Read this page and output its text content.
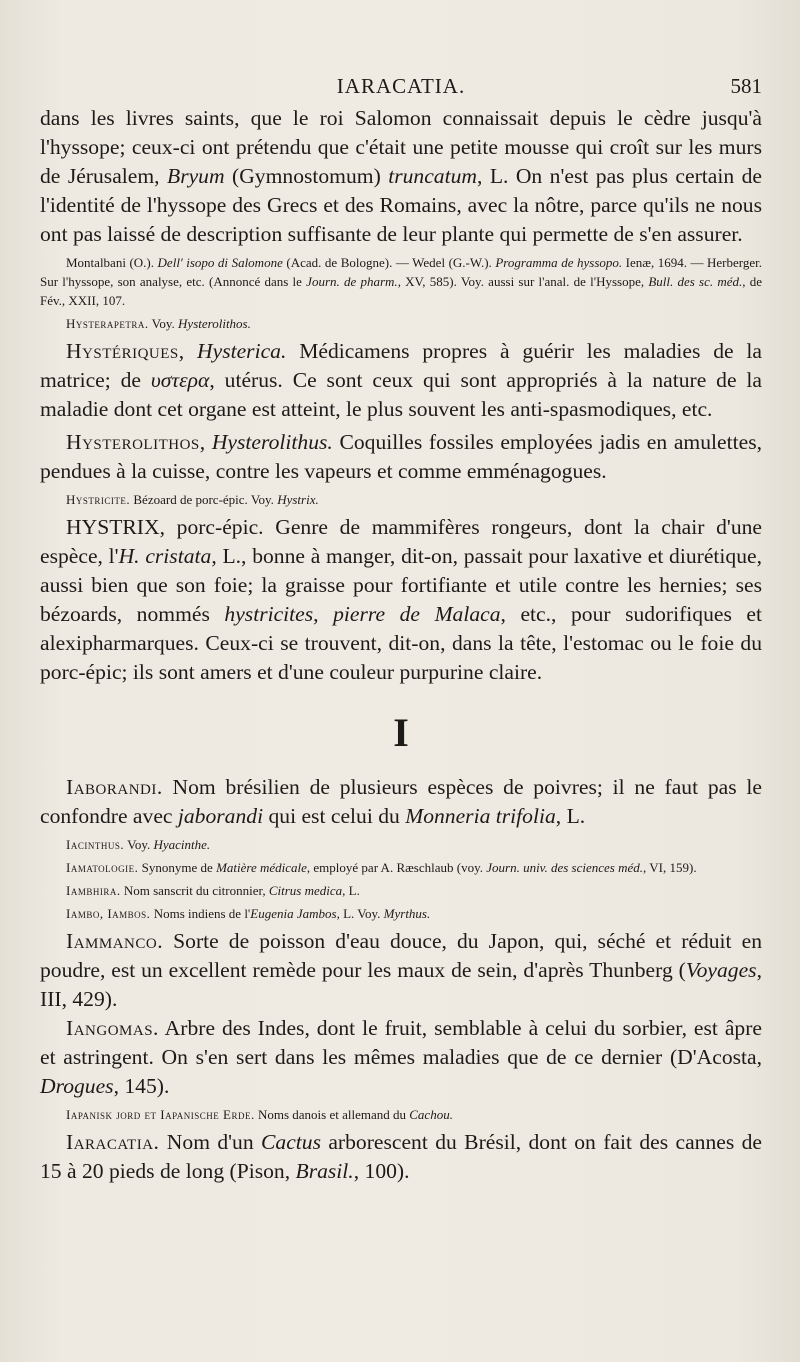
IARACATIA.	581

dans les livres saints, que le roi Salomon connaissait depuis le cèdre jusqu'à l'hyssope; ceux-ci ont prétendu que c'était une petite mousse qui croît sur les murs de Jérusalem, Bryum (Gymnostomum) truncatum, L. On n'est pas plus certain de l'identité de l'hyssope des Grecs et des Romains, avec la nôtre, parce qu'ils ne nous ont pas laissé de description suffisante de leur plante qui permette de s'en assurer.

Montalbani (O.). Dell' isopo di Salomone (Acad. de Bologne). — Wedel (G.-W.). Programma de hyssopo. Ienæ, 1694. — Herberger. Sur l'hyssope, son analyse, etc. (Annoncé dans le Journ. de pharm., XV, 585). Voy. aussi sur l'anal. de l'Hyssope, Bull. des sc. méd., de Fév., XXII, 107.

Hysterapetra. Voy. Hysterolithos.

Hystériques, Hysterica. Médicamens propres à guérir les maladies de la matrice; de υστερα, utérus. Ce sont ceux qui sont appropriés à la nature de la maladie dont cet organe est atteint, le plus souvent les anti-spasmodiques, etc.

Hysterolithos, Hysterolithus. Coquilles fossiles employées jadis en amulettes, pendues à la cuisse, contre les vapeurs et comme emménagogues.

Hystricite. Bézoard de porc-épic. Voy. Hystrix.

HYSTRIX, porc-épic. Genre de mammifères rongeurs, dont la chair d'une espèce, l'H. cristata, L., bonne à manger, dit-on, passait pour laxative et diurétique, aussi bien que son foie; la graisse pour fortifiante et utile contre les hernies; ses bézoards, nommés hystricites, pierre de Malaca, etc., pour sudorifiques et alexipharmarques. Ceux-ci se trouvent, dit-on, dans la tête, l'estomac ou le foie du porc-épic; ils sont amers et d'une couleur purpurine claire.

I

Iaborandi. Nom brésilien de plusieurs espèces de poivres; il ne faut pas le confondre avec jaborandi qui est celui du Monneria trifolia, L.

Iacinthus. Voy. Hyacinthe.

Iamatologie. Synonyme de Matière médicale, employé par A. Ræschlaub (voy. Journ. univ. des sciences méd., VI, 159).

Iambhira. Nom sanscrit du citronnier, Citrus medica, L.

Iambo, Iambos. Noms indiens de l'Eugenia Jambos, L. Voy. Myrthus.

Iammanco. Sorte de poisson d'eau douce, du Japon, qui, séché et réduit en poudre, est un excellent remède pour les maux de sein, d'après Thunberg (Voyages, III, 429).

Iangomas. Arbre des Indes, dont le fruit, semblable à celui du sorbier, est âpre et astringent. On s'en sert dans les mêmes maladies que de ce dernier (D'Acosta, Drogues, 145).

Iapanisk jord et Iapanische Erde. Noms danois et allemand du Cachou.

Iaracatia. Nom d'un Cactus arborescent du Brésil, dont on fait des cannes de 15 à 20 pieds de long (Pison, Brasil., 100).
